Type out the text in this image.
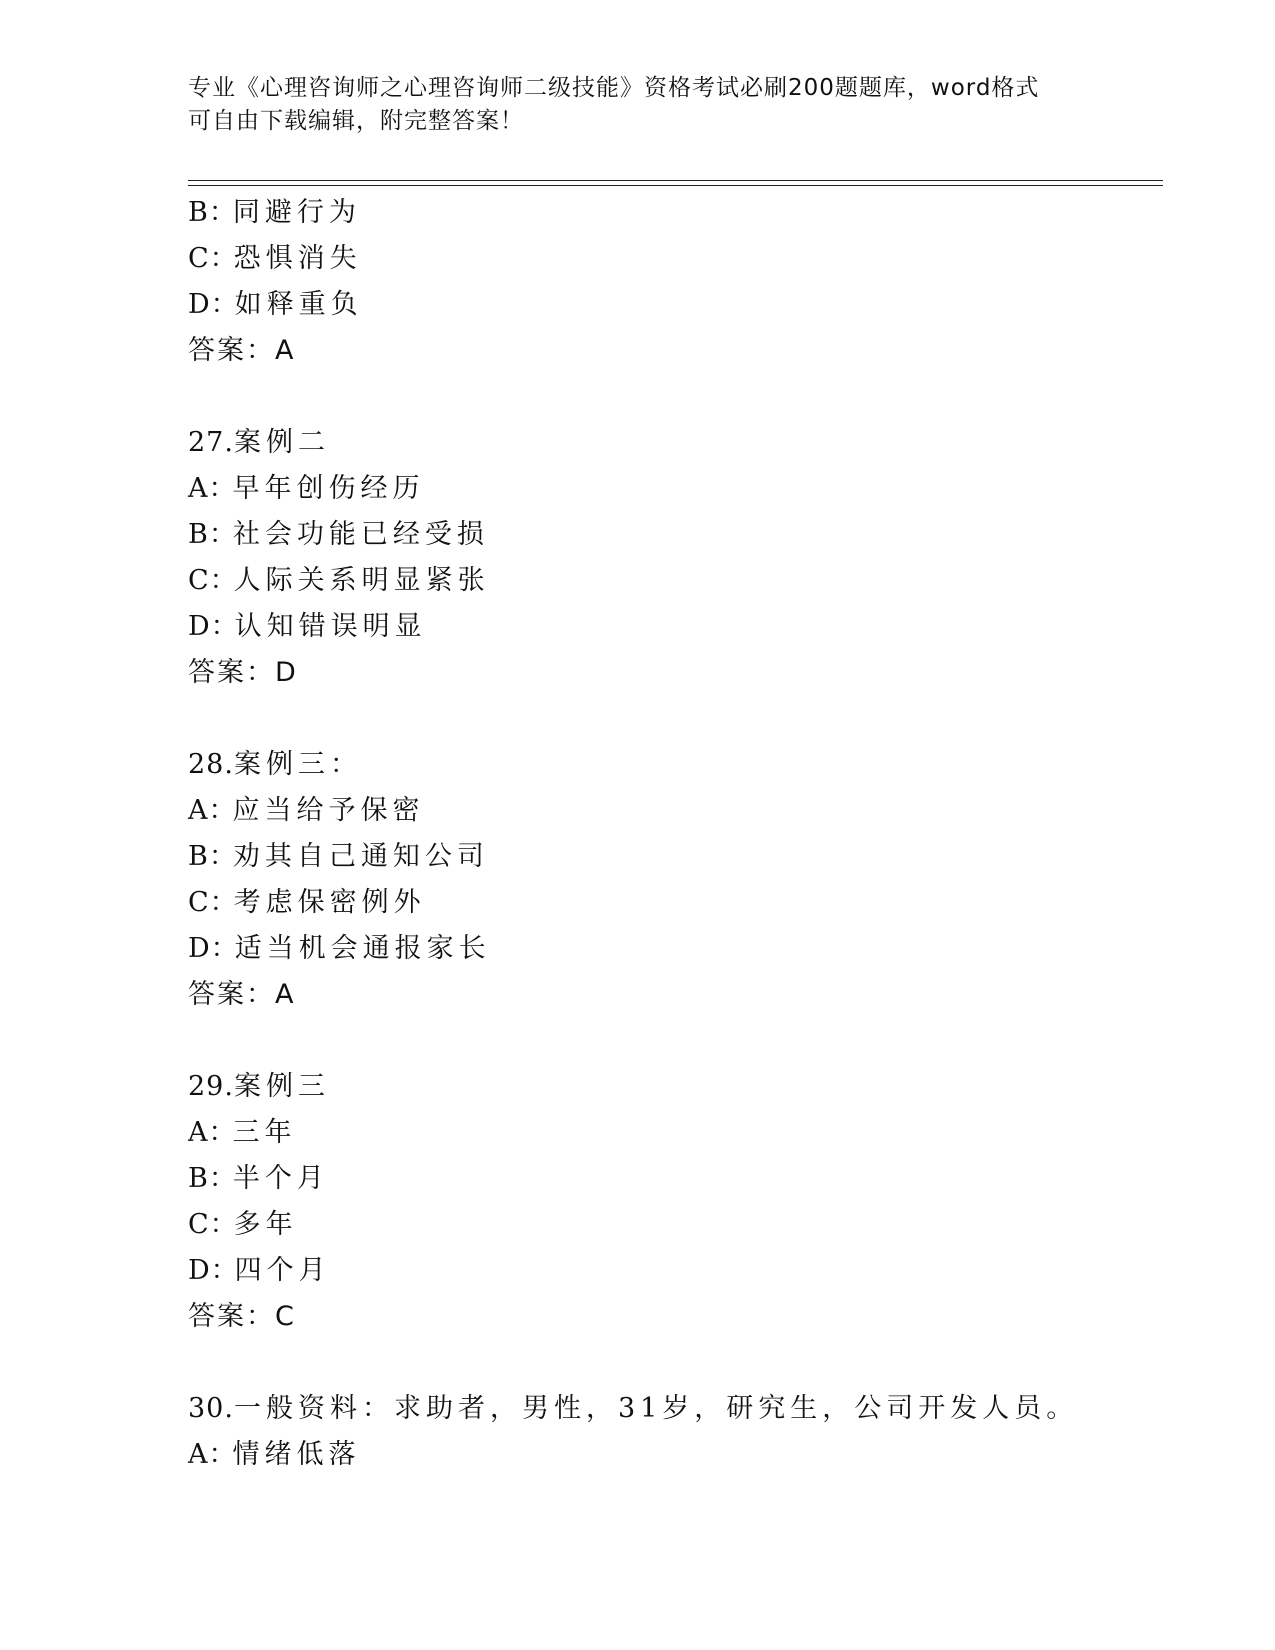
专业《心理咨询师之心理咨询师二级技能》资格考试必刷200题题库，word格式
可自由下载编辑，附完整答案！
B：同避行为
C：恐惧消失
D：如释重负
答案：A
27.案例二
A：早年创伤经历
B：社会功能已经受损
C：人际关系明显紧张
D：认知错误明显
答案：D
28.案例三：
A：应当给予保密
B：劝其自己通知公司
C：考虑保密例外
D：适当机会通报家长
答案：A
29.案例三
A：三年
B：半个月
C：多年
D：四个月
答案：C
30.一般资料：求助者，男性，31岁，研究生，公司开发人员。
A：情绪低落
